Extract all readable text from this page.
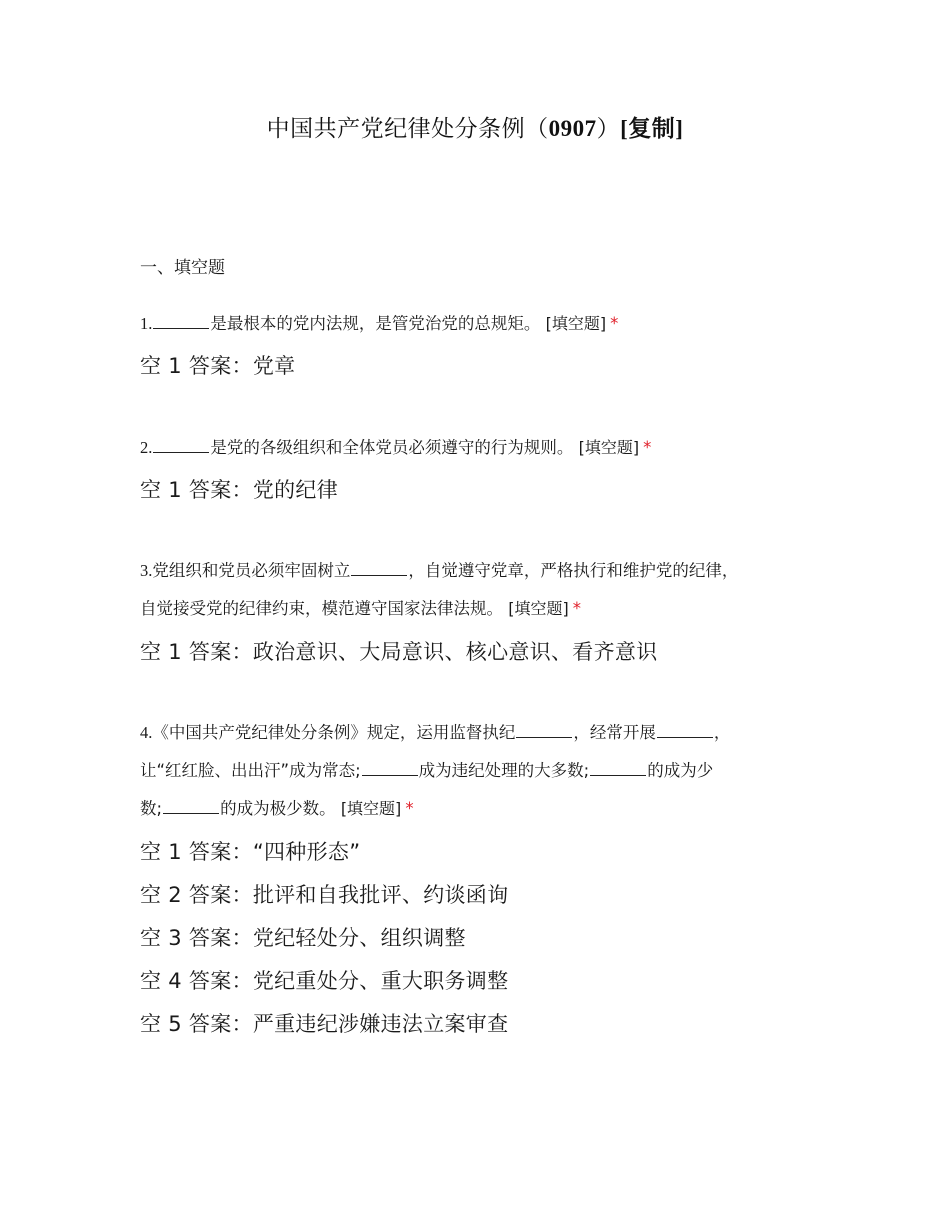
中国共产党纪律处分条例（0907）[复制]
一、填空题
1.	是最根本的党内法规，是管党治党的总规矩。 [填空题] *
空 1 答案：党章
2.	是党的各级组织和全体党员必须遵守的行为规则。 [填空题] *
空 1 答案：党的纪律
3.党组织和党员必须牢固树立	，自觉遵守党章，严格执行和维护党的纪律，
自觉接受党的纪律约束，模范遵守国家法律法规。 [填空题] *
空 1 答案：政治意识、大局意识、核心意识、看齐意识
4.《中国共产党纪律处分条例》规定，运用监督执纪	，经常开展	，
让“红红脸、出出汗”成为常态;	成为违纪处理的大多数;	的成为少
数;	的成为极少数。 [填空题] *
空 1 答案：“四种形态”
空 2 答案：批评和自我批评、约谈函询
空 3 答案：党纪轻处分、组织调整
空 4 答案：党纪重处分、重大职务调整
空 5 答案：严重违纪涉嫌违法立案审查
